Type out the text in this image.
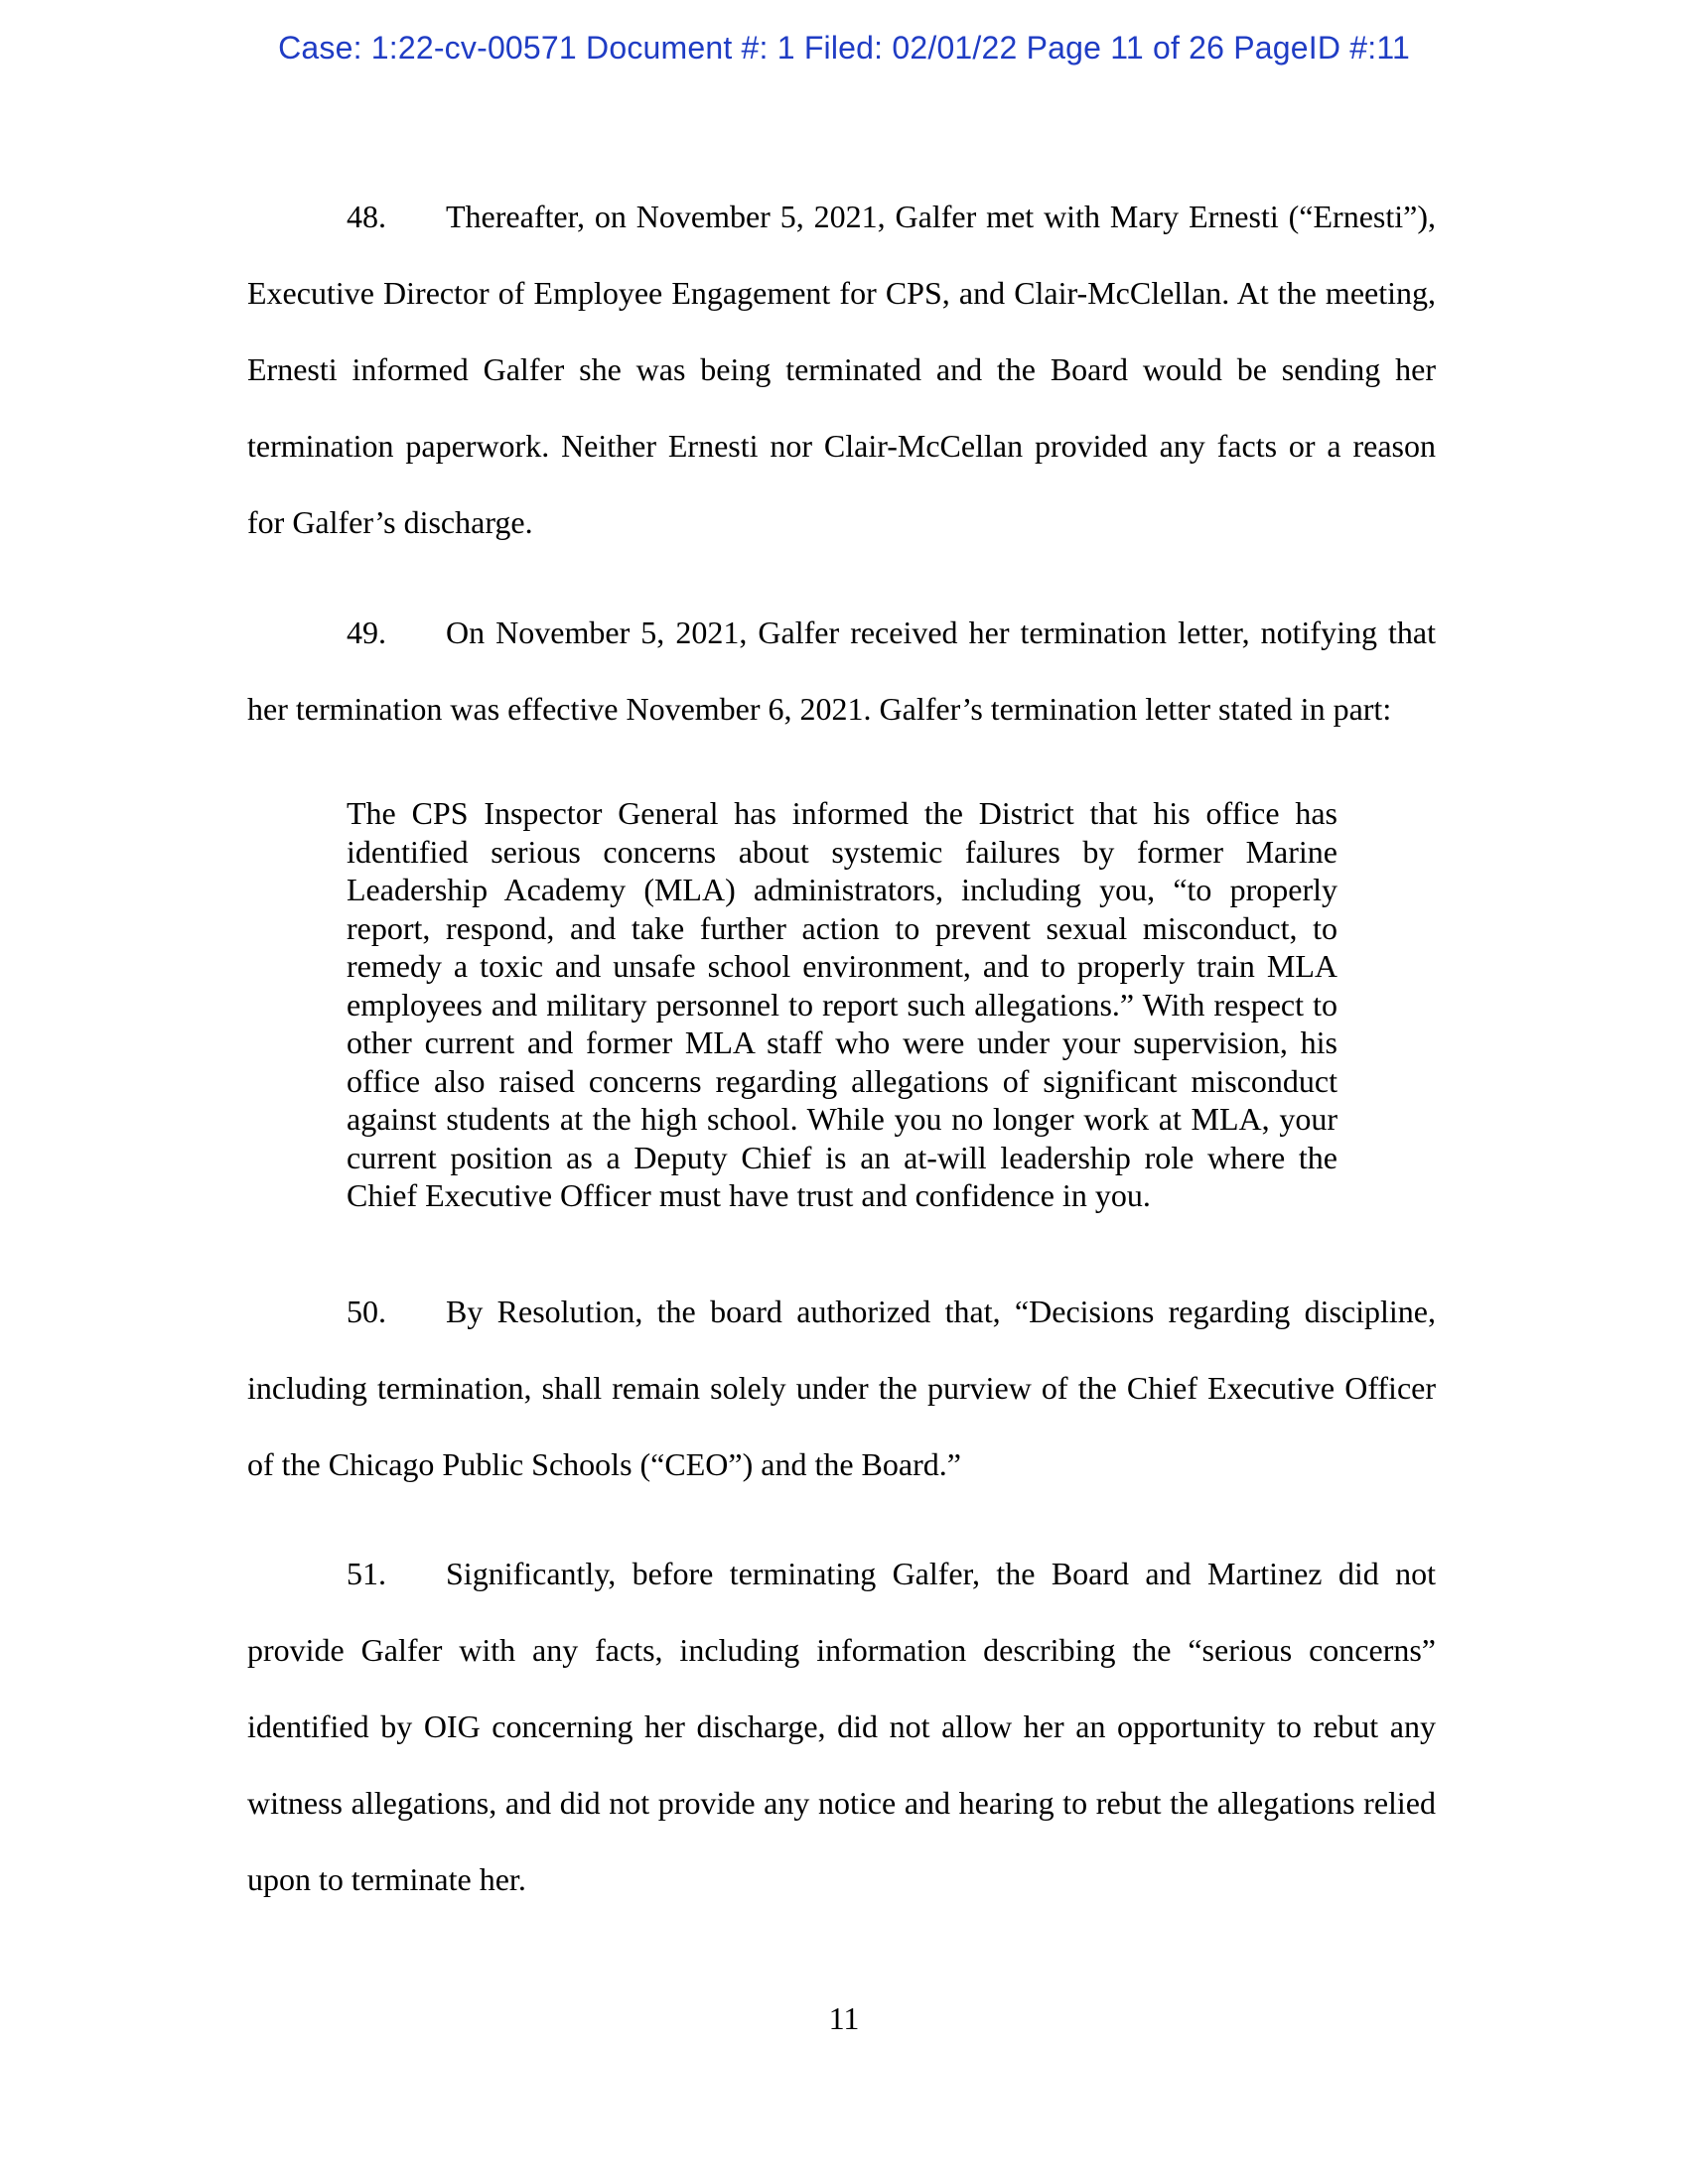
Case: 1:22-cv-00571 Document #: 1 Filed: 02/01/22 Page 11 of 26 PageID #:11

48. Thereafter, on November 5, 2021, Galfer met with Mary Ernesti (“Ernesti”), Executive Director of Employee Engagement for CPS, and Clair-McClellan. At the meeting, Ernesti informed Galfer she was being terminated and the Board would be sending her termination paperwork. Neither Ernesti nor Clair-McCellan provided any facts or a reason for Galfer’s discharge.

49. On November 5, 2021, Galfer received her termination letter, notifying that her termination was effective November 6, 2021. Galfer’s termination letter stated in part:

The CPS Inspector General has informed the District that his office has identified serious concerns about systemic failures by former Marine Leadership Academy (MLA) administrators, including you, “to properly report, respond, and take further action to prevent sexual misconduct, to remedy a toxic and unsafe school environment, and to properly train MLA employees and military personnel to report such allegations.” With respect to other current and former MLA staff who were under your supervision, his office also raised concerns regarding allegations of significant misconduct against students at the high school. While you no longer work at MLA, your current position as a Deputy Chief is an at-will leadership role where the Chief Executive Officer must have trust and confidence in you.

50. By Resolution, the board authorized that, “Decisions regarding discipline, including termination, shall remain solely under the purview of the Chief Executive Officer of the Chicago Public Schools (“CEO”) and the Board.”

51. Significantly, before terminating Galfer, the Board and Martinez did not provide Galfer with any facts, including information describing the “serious concerns” identified by OIG concerning her discharge, did not allow her an opportunity to rebut any witness allegations, and did not provide any notice and hearing to rebut the allegations relied upon to terminate her.

11
